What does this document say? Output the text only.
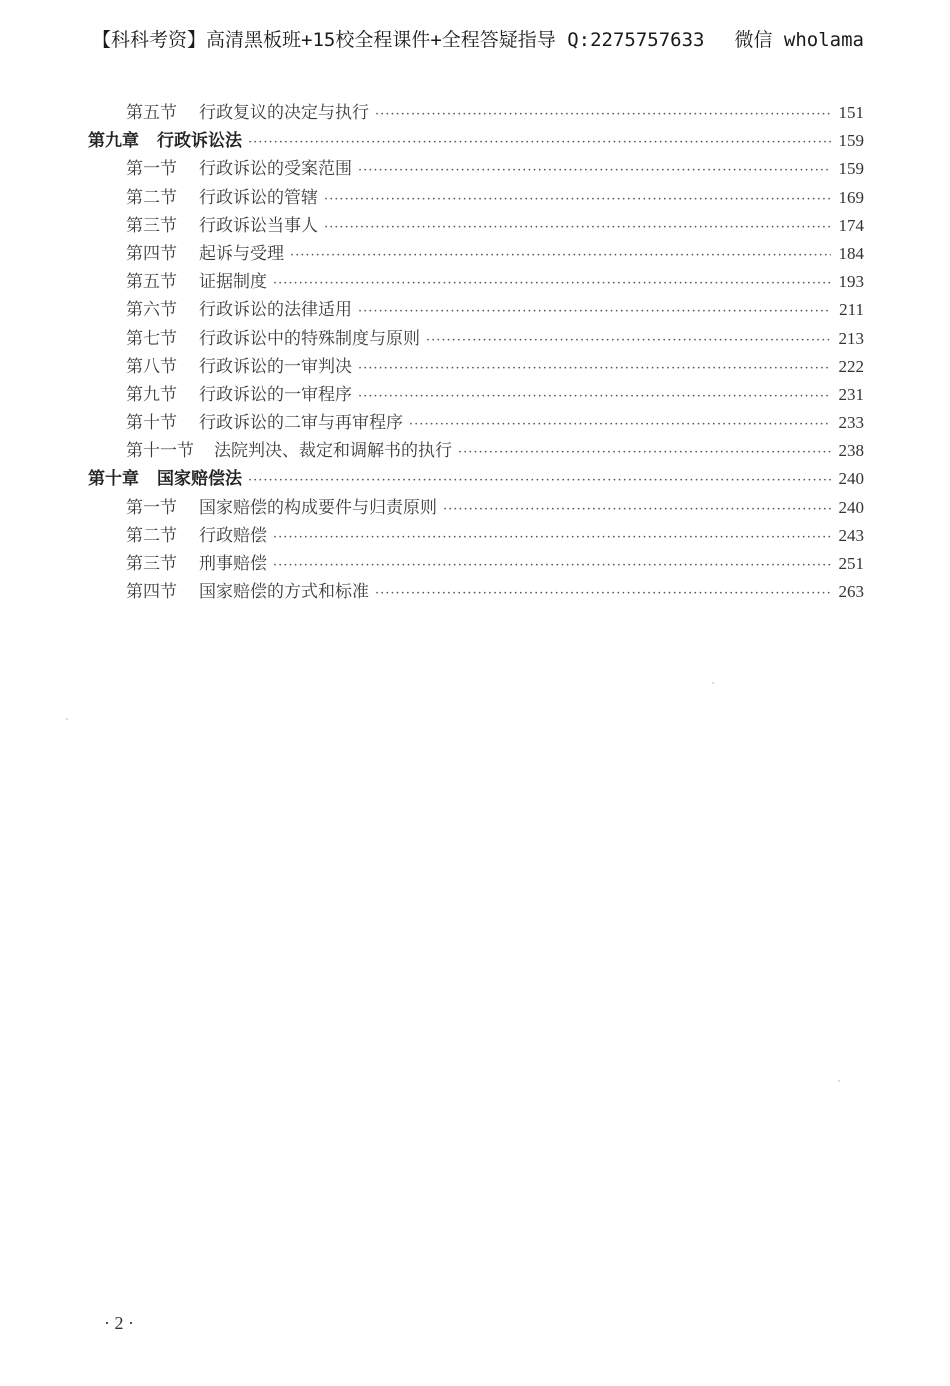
【科科考资】高清黑板班+15校全程课件+全程答疑指导 Q:2275757633 微信 wholama
第五节 行政复议的决定与执行 ·····	151
第九章 行政诉讼法 ·····	159
第一节 行政诉讼的受案范围 ·····	159
第二节 行政诉讼的管辖 ·····	169
第三节 行政诉讼当事人 ·····	174
第四节 起诉与受理 ·····	184
第五节 证据制度 ·····	193
第六节 行政诉讼的法律适用 ·····	211
第七节 行政诉讼中的特殊制度与原则 ·····	213
第八节 行政诉讼的一审判决 ·····	222
第九节 行政诉讼的一审程序 ·····	231
第十节 行政诉讼的二审与再审程序 ·····	233
第十一节 法院判决、裁定和调解书的执行 ·····	238
第十章 国家赔偿法 ·····	240
第一节 国家赔偿的构成要件与归责原则 ·····	240
第二节 行政赔偿 ·····	243
第三节 刑事赔偿 ·····	251
第四节 国家赔偿的方式和标准 ·····	263
· 2 ·
